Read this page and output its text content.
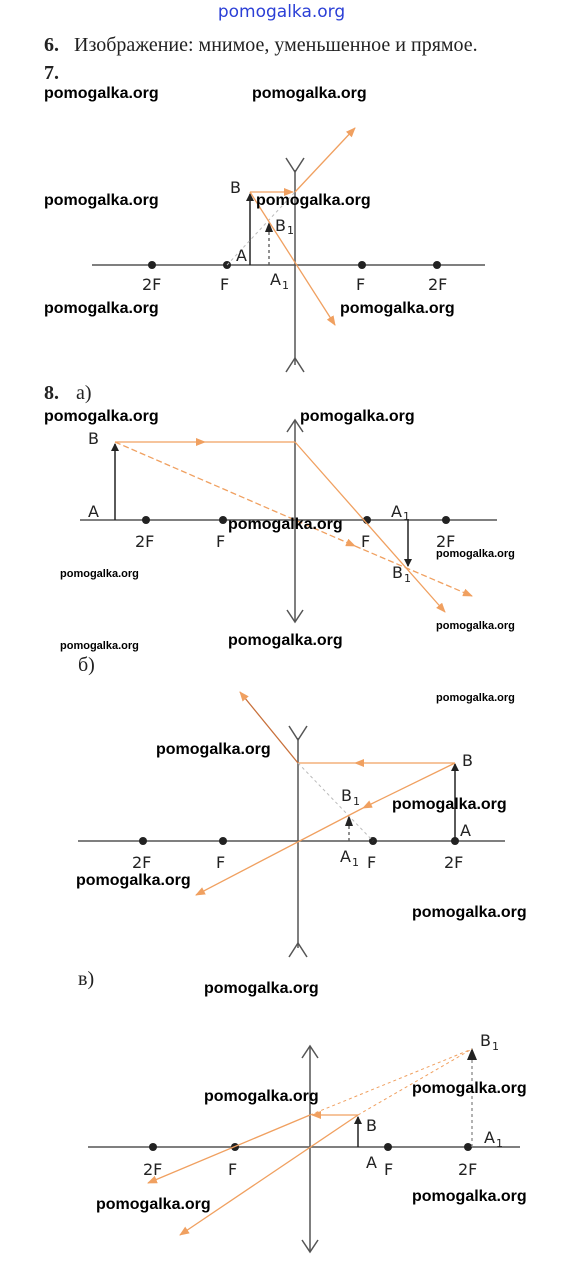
pomogalka.org
6. Изображение: мнимое, уменьшенное и прямое.
7.
8. а)
б)
в)
B
A
B 1
A 1
2F	F	F	2F
B
A	A 1
B 1
2F	F	F	2F
B
A
B 1
A 1
2F	F	F	2F
B
A
B 1
A 1
2F	F	F	2F
pomogalka.org	pomogalka.org
pomogalka.org	pomogalka.org
pomogalka.org	pomogalka.org
pomogalka.org	pomogalka.org
pomogalka.org
pomogalka.org
pomogalka.org
pomogalka.org
pomogalka.org
pomogalka.org
pomogalka.org
pomogalka.org
pomogalka.org
pomogalka.org
pomogalka.org
pomogalka.org
pomogalka.org
pomogalka.org
pomogalka.org
pomogalka.org
